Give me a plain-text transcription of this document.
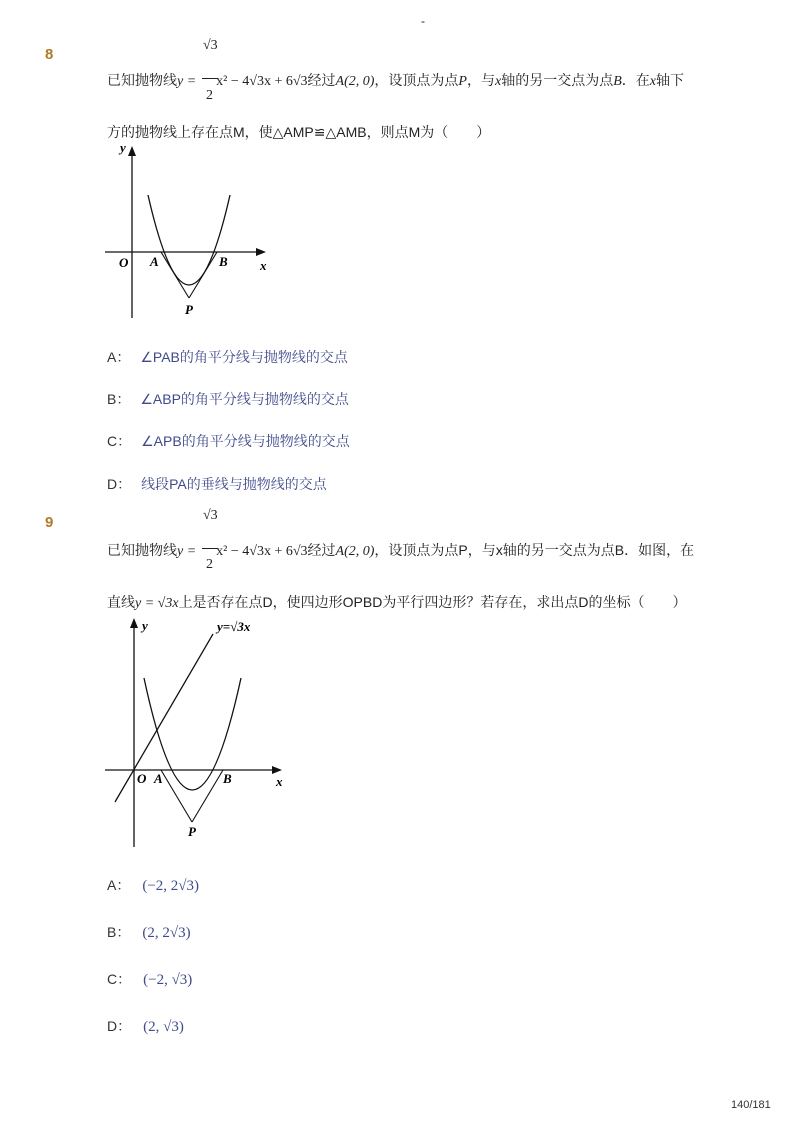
-
8
√3
2
已知抛物线y = x² − 4√3x + 6√3经过A(2, 0)，设顶点为点P，与x轴的另一交点为点B．在x轴下
方的抛物线上存在点M，使△AMP≌△AMB，则点M为（　　）
y
x
O A	B
P
A： ∠PAB的角平分线与抛物线的交点
B： ∠ABP的角平分线与抛物线的交点
C： ∠APB的角平分线与抛物线的交点
D： 线段PA的垂线与抛物线的交点
9	√3
2
已知抛物线y = x² − 4√3x + 6√3经过A(2, 0)，设顶点为点P，与x轴的另一交点为点B．如图，在
直线y = √3x上是否存在点D，使四边形OPBD为平行四边形？若存在，求出点D的坐标（　　）
y	y=√3x
x
O A	B
P
A： (−2, 2√3)
B： (2, 2√3)
C： (−2, √3)
D： (2, √3)
140/181
